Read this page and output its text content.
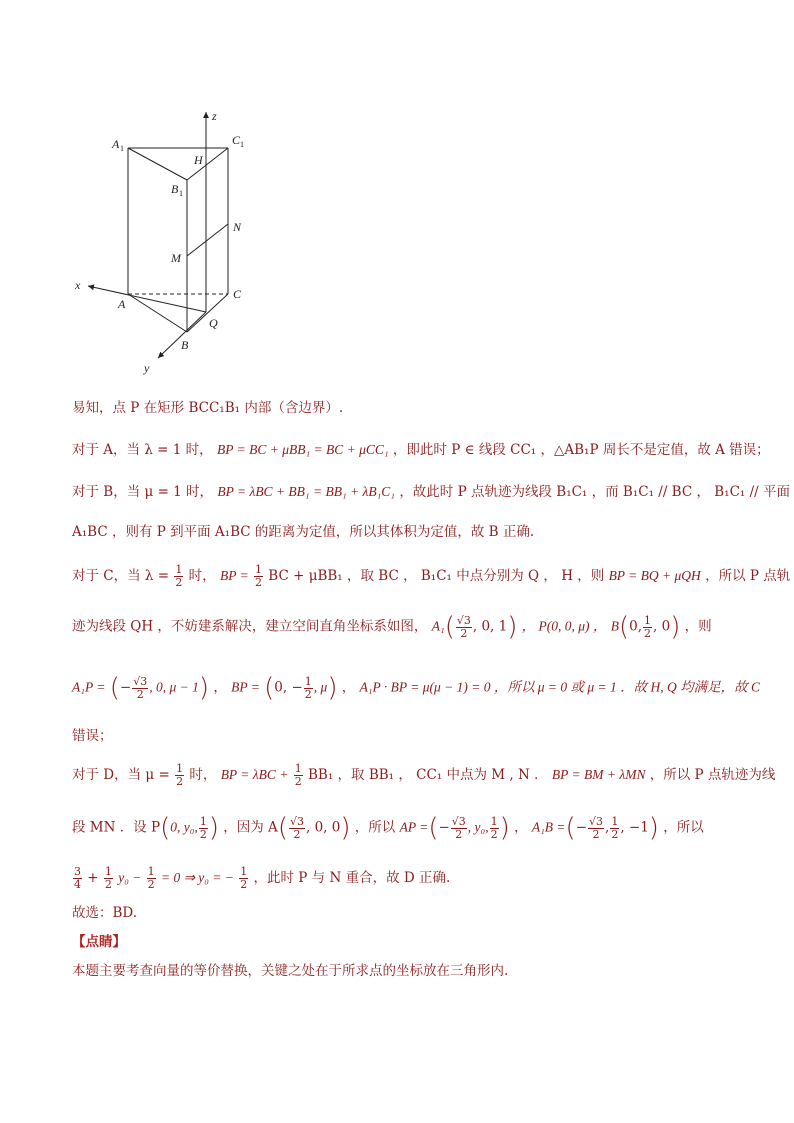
A 1
C 1
H
B 1
N
M
A
C
Q
B
x
y
z
易知，点 P 在矩形 BCC₁B₁ 内部（含边界）.
对于 A，当 λ = 1 时， BP = BC + μBB₁ = BC + μCC₁ ，即此时 P ∈ 线段 CC₁ ，△AB₁P 周长不是定值，故 A 错误；
对于 B，当 μ = 1 时， BP = λBC + BB₁ = BB₁ + λB₁C₁ ，故此时 P 点轨迹为线段 B₁C₁ ，而 B₁C₁ // BC ， B₁C₁ // 平面
A₁BC ，则有 P 到平面 A₁BC 的距离为定值，所以其体积为定值，故 B 正确.
对于 C，当 $\lambda = \frac{1}{2}$ 时， BP = $\frac{1}{2}$ BC + μBB₁ ，取 BC ， B₁C₁ 中点分别为 Q ， H ，则 BP = BQ + μQH ，所以 P 点轨
迹为线段 QH ，不妨建系解决，建立空间直角坐标系如图， $A_1( \frac{√3}{2}$ , 0, 1) ， P(0, 0, μ) ， B(0, $\frac{1}{2}$ , 0) ，则
A₁P = (− $\frac{√3}{2}$ , 0, μ − 1) ， BP = (0, − $\frac{1}{2}$ , μ) ， A₁P · BP = μ(μ − 1) = 0 ，所以 μ = 0 或 μ = 1 ．故 H, Q 均满足，故 C
错误；
对于 D，当 $\mu = \frac{1}{2}$ 时， BP = $\lambda BC + \frac{1}{2} BB_1$ ，取 BB₁ ， CC₁ 中点为 M , N ． BP = BM + λMN ，所以 P 点轨迹为线
段 MN ．设 P(0, y₀, $\frac{1}{2}$ ) ，因为 $A( \frac{√3}{2}$ , 0, 0) ，所以 AP =(− $\frac{√3}{2}$ , y₀, $\frac{1}{2}$ ) ， A₁B =(− $\frac{√3}{2}$ , $\frac{1}{2}$ , −1) ，所以
$\frac{3}{4} + \frac{1}{2} y_0 - \frac{1}{2} = 0$ ⇒ y₀ = − $\frac{1}{2}$ ，此时 P 与 N 重合，故 D 正确.
故选：BD.
【点睛】
本题主要考查向量的等价替换，关键之处在于所求点的坐标放在三角形内.
